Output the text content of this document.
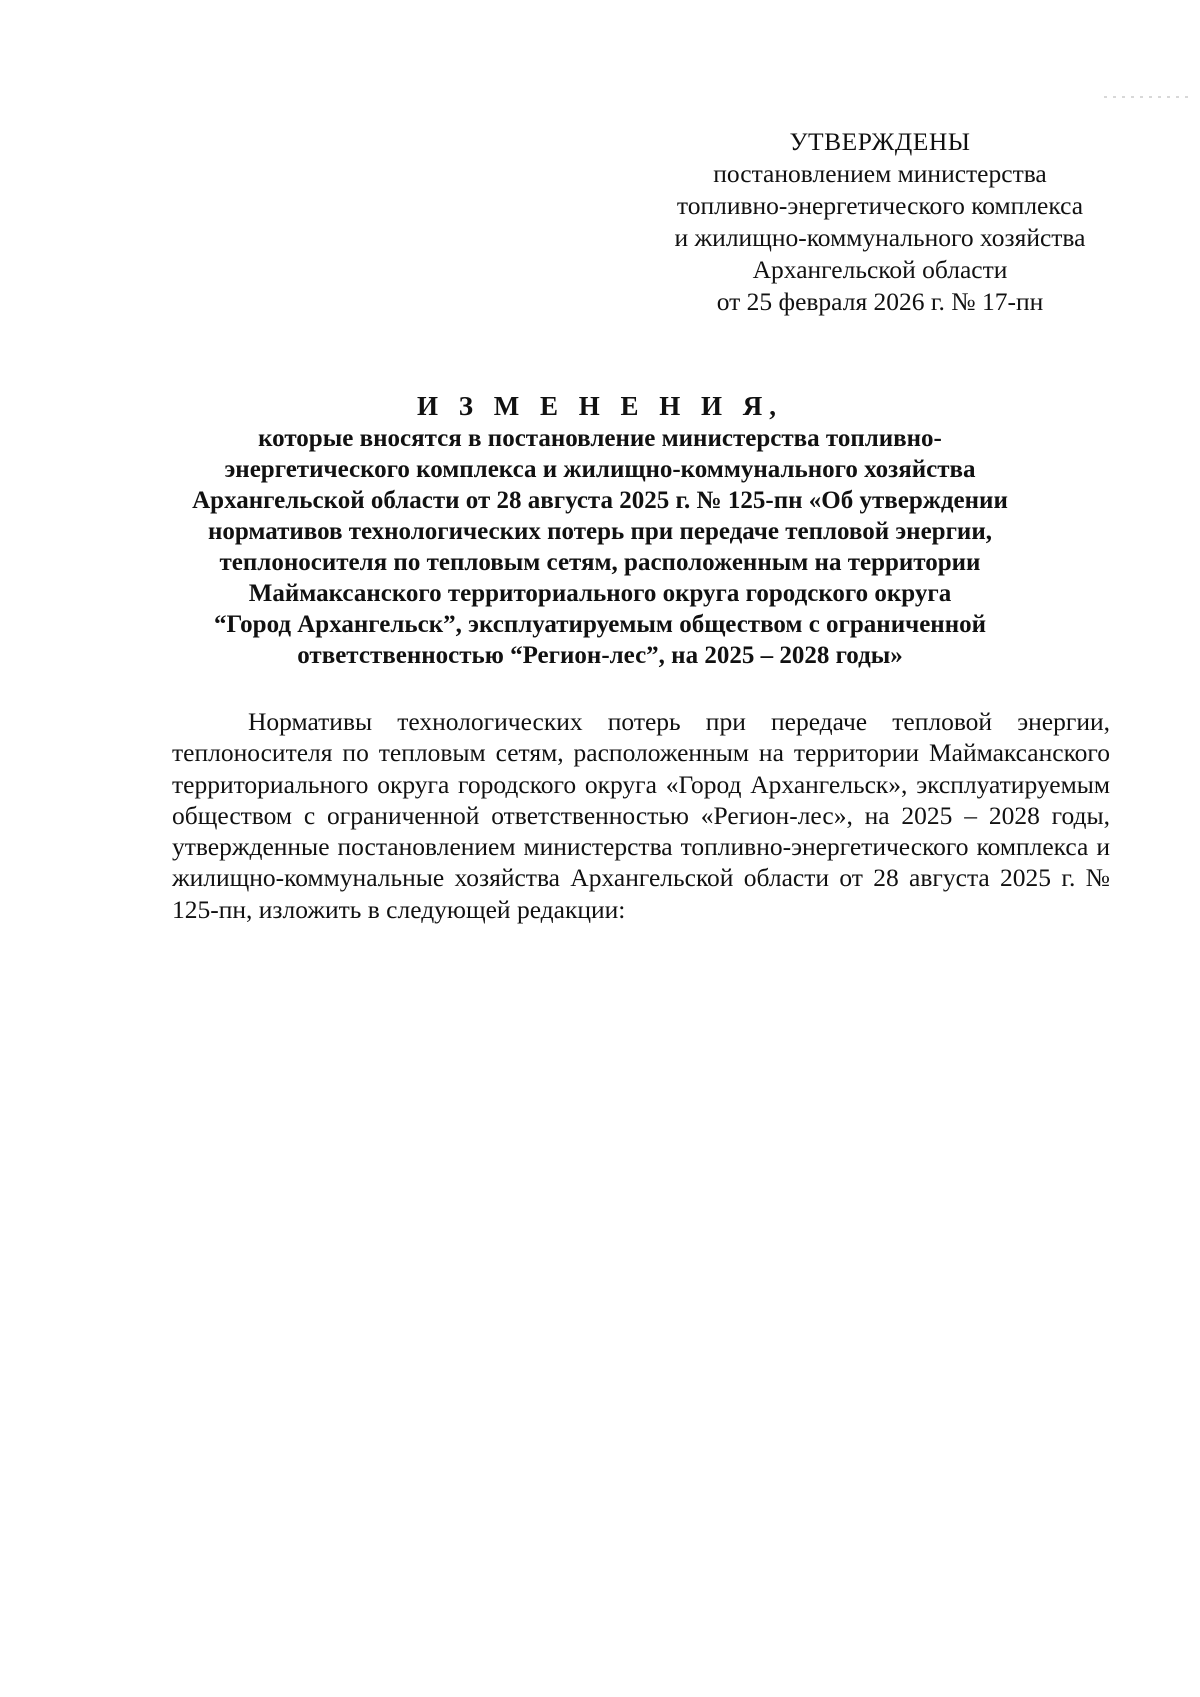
УТВЕРЖДЕНЫ
постановлением министерства
топливно-энергетического комплекса
и жилищно-коммунального хозяйства
Архангельской области
от 25 февраля 2026 г. № 17-пн
И З М Е Н Е Н И Я,
которые вносятся в постановление министерства топливно-
энергетического комплекса и жилищно-коммунального хозяйства
Архангельской области от 28 августа 2025 г. № 125-пн «Об утверждении
нормативов технологических потерь при передаче тепловой энергии,
теплоносителя по тепловым сетям, расположенным на территории
Маймаксанского территориального округа городского округа
“Город Архангельск”, эксплуатируемым обществом с ограниченной
ответственностью “Регион-лес”, на 2025 – 2028 годы»

Нормативы технологических потерь при передаче тепловой энергии, теплоносителя по тепловым сетям, расположенным на территории Маймаксанского территориального округа городского округа «Город Архангельск», эксплуатируемым обществом с ограниченной ответственностью «Регион-лес», на 2025 – 2028 годы, утвержденные постановлением министерства топливно-энергетического комплекса и жилищно-коммунальные хозяйства Архангельской области от 28 августа 2025 г. № 125-пн, изложить в следующей редакции:
